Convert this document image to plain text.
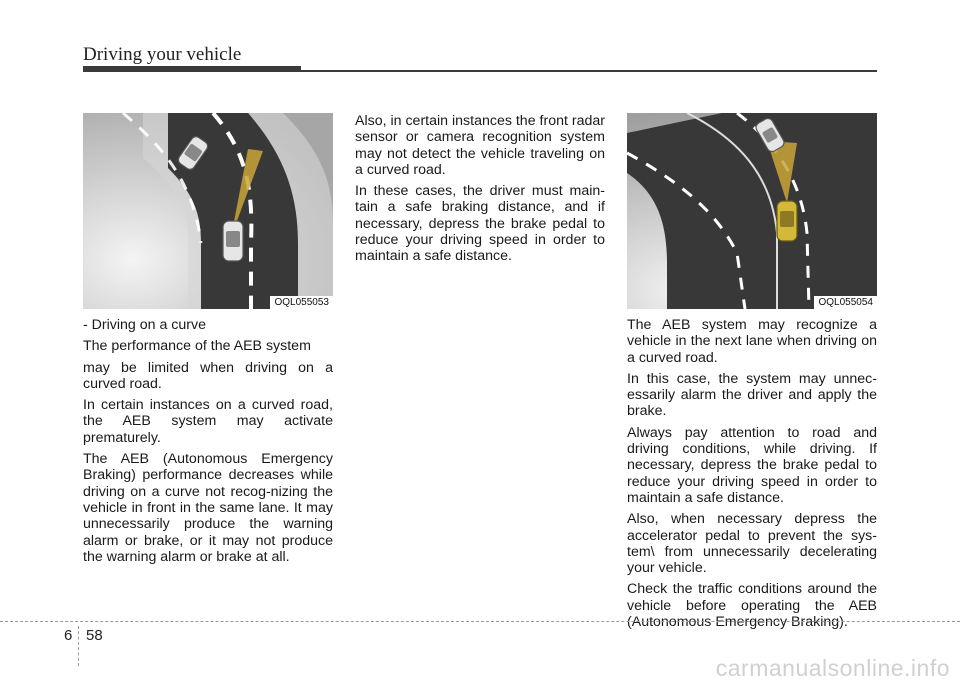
Driving your vehicle
OQL055053

- Driving on a curve

The performance of the AEB system

may be limited when driving on a curved road.

In certain instances on a curved road, the AEB system may activate prematurely.

The AEB (Autonomous Emergency Braking) performance decreases while driving on a curve not recog-nizing the vehicle in front in the same lane. It may unnecessarily produce the warning alarm or brake, or it may not produce the warning alarm or brake at all.

Also, in certain instances the front radar sensor or camera recognition system may not detect the vehicle traveling on a curved road.

In these cases, the driver must main-tain a safe braking distance, and if necessary, depress the brake pedal to reduce your driving speed in order to maintain a safe distance.

OQL055054

The AEB system may recognize a vehicle in the next lane when driving on a curved road.

In this case, the system may unnec-essarily alarm the driver and apply the brake.

Always pay attention to road and driving conditions, while driving. If necessary, depress the brake pedal to reduce your driving speed in order to maintain a safe distance.

Also, when necessary depress the accelerator pedal to prevent the sys-tem\ from unnecessarily decelerating your vehicle.

Check the traffic conditions around the vehicle before operating the AEB (Autonomous Emergency Braking).

6 58
carmanualsonline.info
